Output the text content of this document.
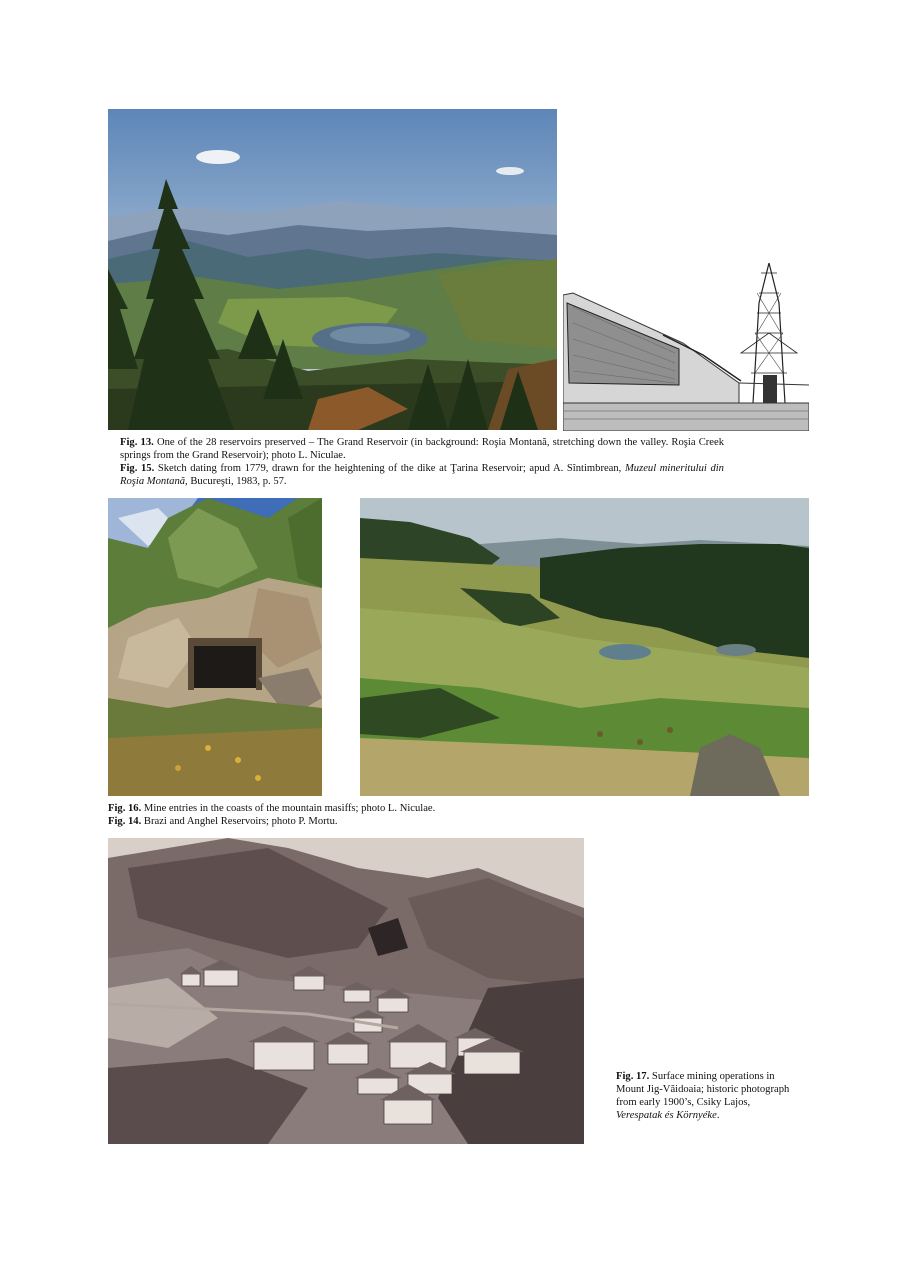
Fig. 13. One of the 28 reservoirs preserved – The Grand Reservoir (in background: Roşia Montană, stretching down the valley. Roşia Creek springs from the Grand Reservoir); photo L. Niculae.

Fig. 15. Sketch dating from 1779, drawn for the heightening of the dike at Ţarina Reservoir; apud A. Sîntimbrean, Muzeul mineritului din Roşia Montană, Bucureşti, 1983, p. 57.

Fig. 16. Mine entries in the coasts of the mountain masiffs; photo L. Niculae.

Fig. 14. Brazi and Anghel Reservoirs; photo P. Mortu.

Fig. 17. Surface mining operations in Mount Jig-Văidoaia; historic photograph from early 1900’s, Csiky Lajos, Verespatak és Környéke.
